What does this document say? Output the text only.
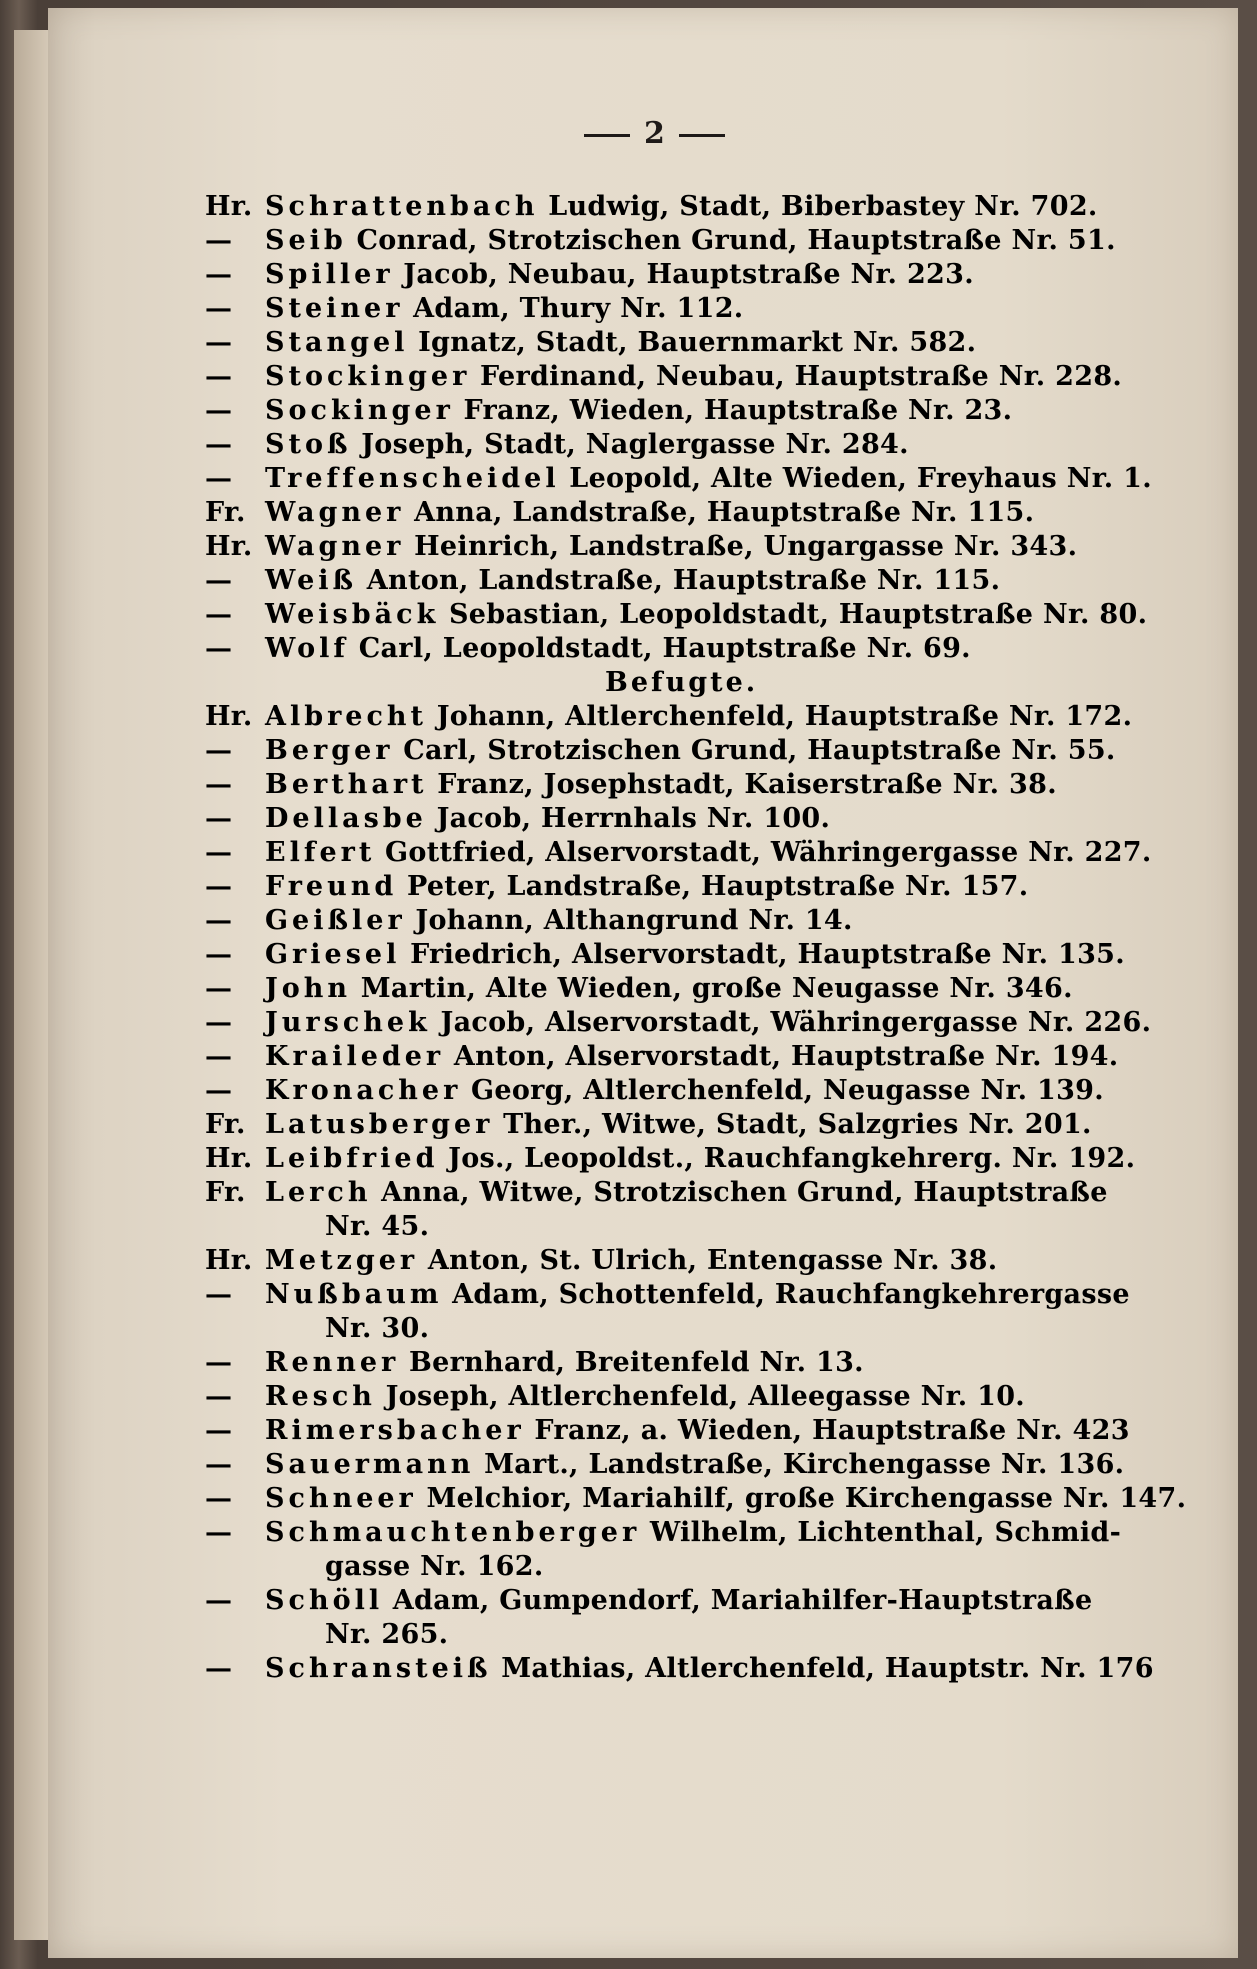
2
Hr. Schrattenbach Ludwig, Stadt, Biberbastey Nr. 702.
— Seib Conrad, Strotzischen Grund, Hauptstraße Nr. 51.
— Spiller Jacob, Neubau, Hauptstraße Nr. 223.
— Steiner Adam, Thury Nr. 112.
— Stangel Ignatz, Stadt, Bauernmarkt Nr. 582.
— Stockinger Ferdinand, Neubau, Hauptstraße Nr. 228.
— Sockinger Franz, Wieden, Hauptstraße Nr. 23.
— Stoß Joseph, Stadt, Naglergasse Nr. 284.
— Treffenscheidel Leopold, Alte Wieden, Freyhaus Nr. 1.
Fr. Wagner Anna, Landstraße, Hauptstraße Nr. 115.
Hr. Wagner Heinrich, Landstraße, Ungargasse Nr. 343.
— Weiß Anton, Landstraße, Hauptstraße Nr. 115.
— Weisbäck Sebastian, Leopoldstadt, Hauptstraße Nr. 80.
— Wolf Carl, Leopoldstadt, Hauptstraße Nr. 69.
Befugte.
Hr. Albrecht Johann, Altlerchenfeld, Hauptstraße Nr. 172.
— Berger Carl, Strotzischen Grund, Hauptstraße Nr. 55.
— Berthart Franz, Josephstadt, Kaiserstraße Nr. 38.
— Dellasbe Jacob, Herrnhals Nr. 100.
— Elfert Gottfried, Alservorstadt, Währingergasse Nr. 227.
— Freund Peter, Landstraße, Hauptstraße Nr. 157.
— Geißler Johann, Althangrund Nr. 14.
— Griesel Friedrich, Alservorstadt, Hauptstraße Nr. 135.
— John Martin, Alte Wieden, große Neugasse Nr. 346.
— Jurschek Jacob, Alservorstadt, Währingergasse Nr. 226.
— Kraileder Anton, Alservorstadt, Hauptstraße Nr. 194.
— Kronacher Georg, Altlerchenfeld, Neugasse Nr. 139.
Fr. Latusberger Ther., Witwe, Stadt, Salzgries Nr. 201.
Hr. Leibfried Jos., Leopoldst., Rauchfangkehrerg. Nr. 192.
Fr. Lerch Anna, Witwe, Strotzischen Grund, Hauptstraße
Nr. 45.
Hr. Metzger Anton, St. Ulrich, Entengasse Nr. 38.
— Nußbaum Adam, Schottenfeld, Rauchfangkehrergasse
Nr. 30.
— Renner Bernhard, Breitenfeld Nr. 13.
— Resch Joseph, Altlerchenfeld, Alleegasse Nr. 10.
— Rimersbacher Franz, a. Wieden, Hauptstraße Nr. 423
— Sauermann Mart., Landstraße, Kirchengasse Nr. 136.
— Schneer Melchior, Mariahilf, große Kirchengasse Nr. 147.
— Schmauchtenberger Wilhelm, Lichtenthal, Schmid-
gasse Nr. 162.
— Schöll Adam, Gumpendorf, Mariahilfer-Hauptstraße
Nr. 265.
— Schransteiß Mathias, Altlerchenfeld, Hauptstr. Nr. 176
